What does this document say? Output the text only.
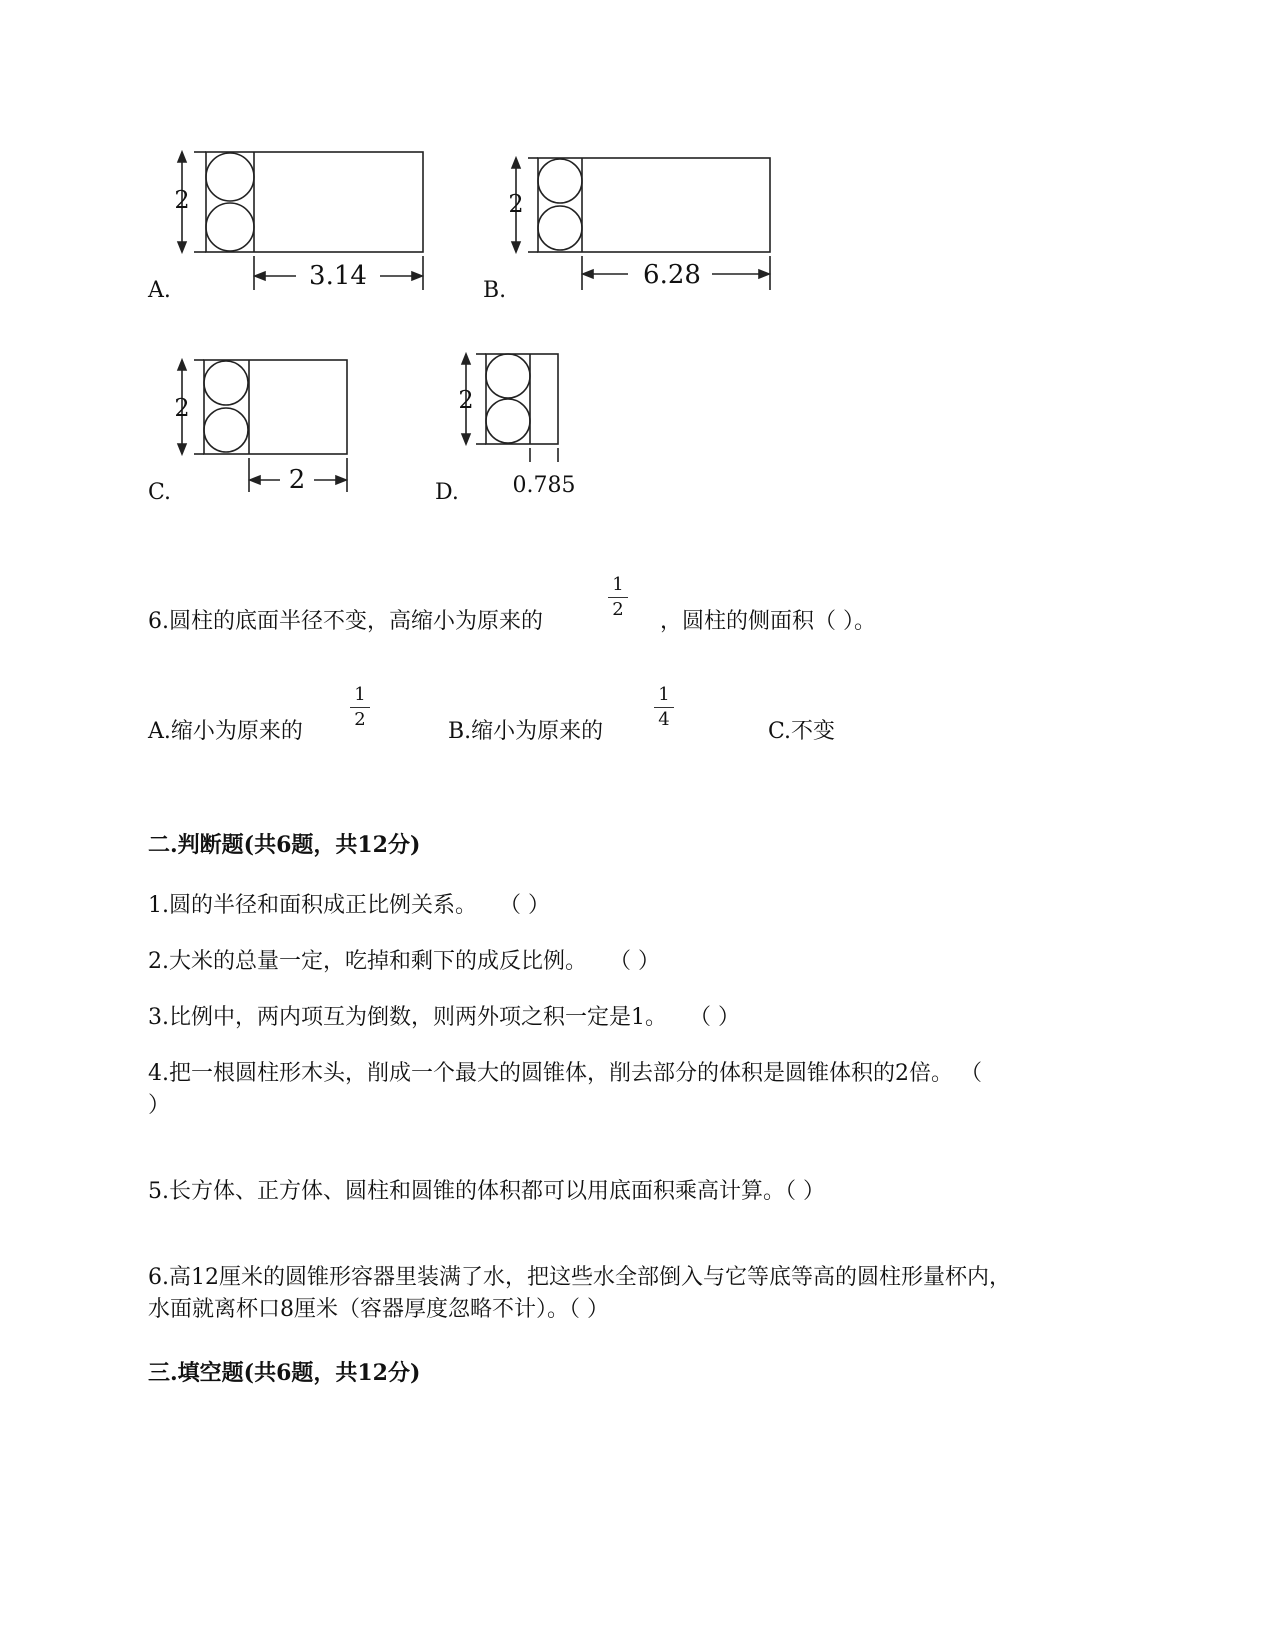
A.
2
3.14	B.
2
6.28
C.
2
2	D.
2
0.785
6.圆柱的底面半径不变，高缩小为原来的
1
2 ，圆柱的侧面积（ ）。
A.缩小为原来的
1
2	B.缩小为原来的
1
4	C.不变
二.判断题(共6题，共12分)
1.圆的半径和面积成正比例关系。　　（ ）
2.大米的总量一定，吃掉和剩下的成反比例。　　（ ）
3.比例中，两内项互为倒数，则两外项之积一定是1。　　（ ）
4.把一根圆柱形木头，削成一个最大的圆锥体，削去部分的体积是圆锥体积的2倍。 （
）
5.长方体、正方体、圆柱和圆锥的体积都可以用底面积乘高计算。（ ）
6.高12厘米的圆锥形容器里装满了水，把这些水全部倒入与它等底等高的圆柱形量杯内，
水面就离杯口8厘米（容器厚度忽略不计）。（ ）
三.填空题(共6题，共12分)
